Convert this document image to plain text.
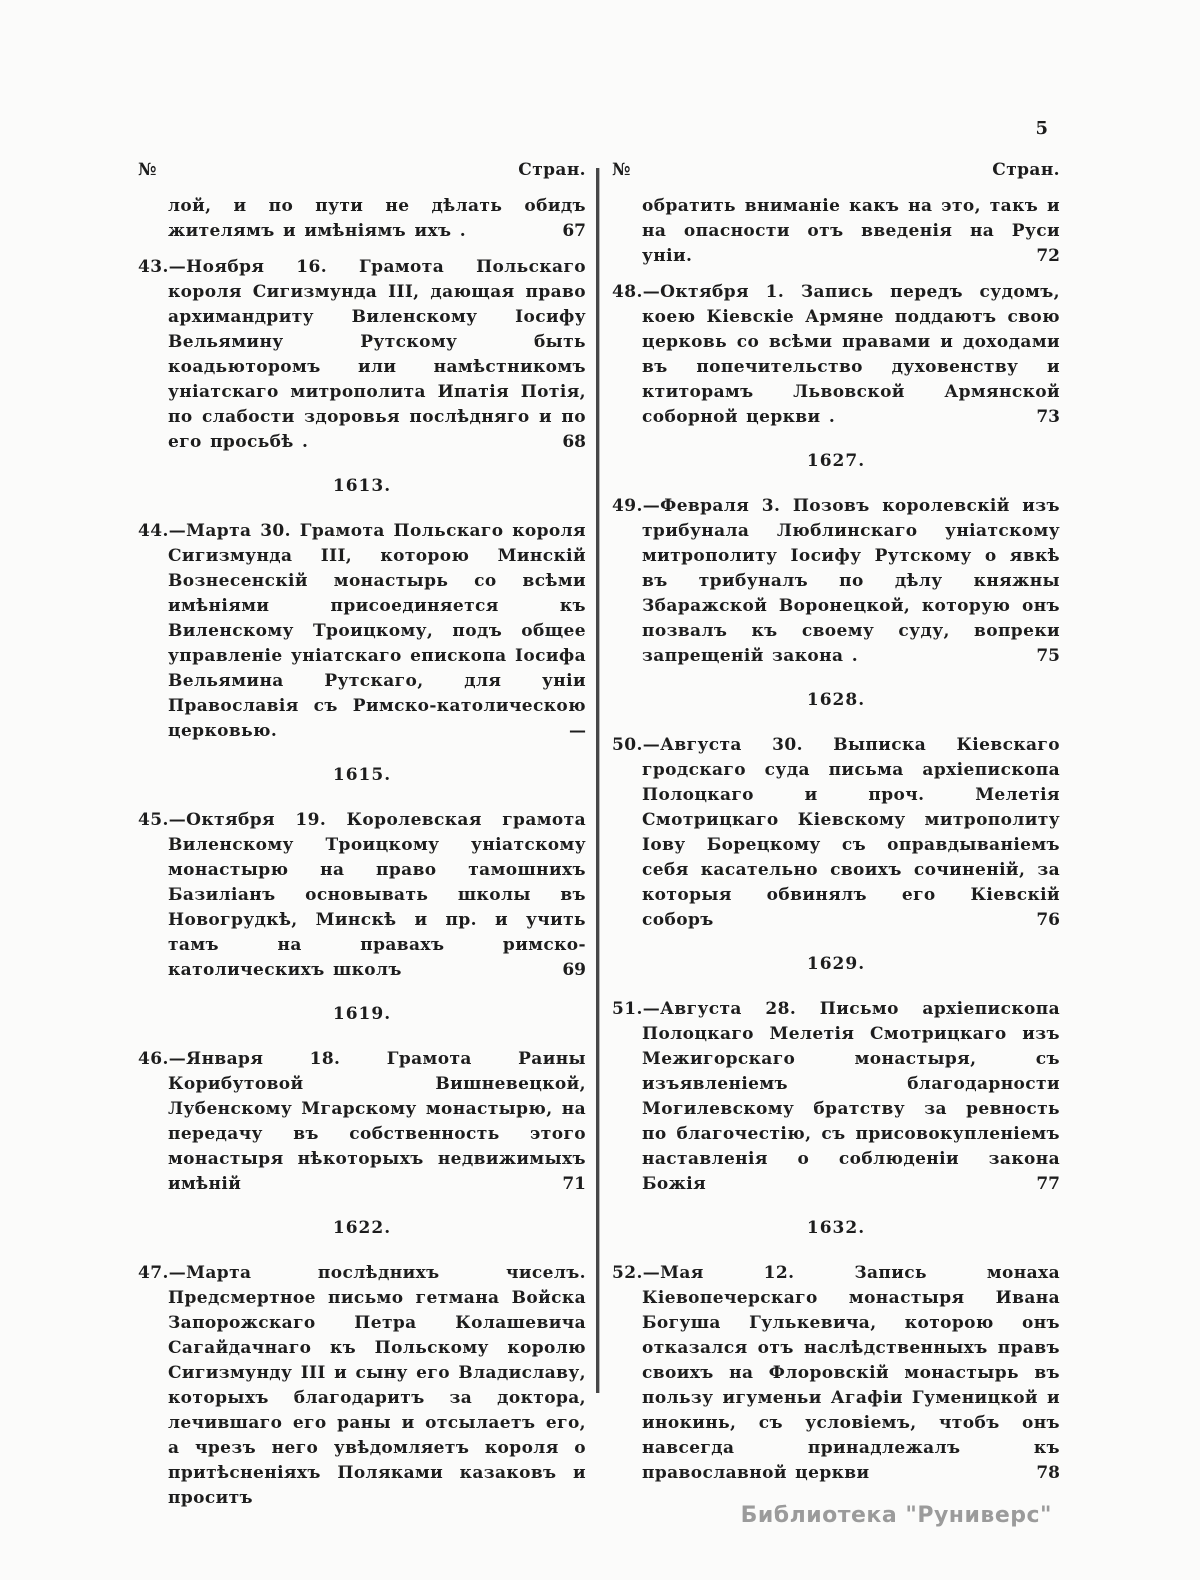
5
№	Стран.
лой, и по пути не дѣлать обидъ жителямъ и имѣніямъ ихъ .	67
43.—Ноября 16. Грамота Польскаго короля Сигизмунда III, дающая право архимандриту Виленскому Іосифу Вельямину Рутскому быть коадьюторомъ или намѣстникомъ уніатскаго митрополита Ипатія Потія, по слабости здоровья послѣдняго и по его просьбѣ .	68
1613.
44.—Марта 30. Грамота Польскаго короля Сигизмунда III, которою Минскій Вознесенскій монастырь со всѣми имѣніями присоединяется къ Виленскому Троицкому, подъ общее управленіе уніатскаго епископа Іосифа Вельямина Рутскаго, для уніи Православія съ Римско-католическою церковью.	—
1615.
45.—Октября 19. Королевская грамота Виленскому Троицкому уніатскому монастырю на право тамошнихъ Базиліанъ основывать школы въ Новогрудкѣ, Минскѣ и пр. и учить тамъ на правахъ римско-католическихъ школъ	69
1619.
46.—Января 18. Грамота Раины Корибутовой Вишневецкой, Лубенскому Мгарскому монастырю, на передачу въ собственность этого монастыря нѣкоторыхъ недвижимыхъ имѣній	71
1622.
47.—Марта послѣднихъ чиселъ. Предсмертное письмо гетмана Войска Запорожскаго Петра Колашевича Сагайдачнаго къ Польскому королю Сигизмунду III и сыну его Владиславу, которыхъ благодаритъ за доктора, лечившаго его раны и отсылаетъ его, а чрезъ него увѣдомляетъ короля о притѣсненіяхъ Поляками казаковъ и проситъ
№	Стран.
обратить вниманіе какъ на это, такъ и на опасности отъ введенія на Руси уніи.	72
48.—Октября 1. Запись передъ судомъ, коею Кіевскіе Армяне поддаютъ свою церковь со всѣми правами и доходами въ попечительство духовенству и ктиторамъ Львовской Армянской соборной церкви .	73
1627.
49.—Февраля 3. Позовъ королевскій изъ трибунала Люблинскаго уніатскому митрополиту Іосифу Рутскому о явкѣ въ трибуналъ по дѣлу княжны Збаражской Воронецкой, которую онъ позвалъ къ своему суду, вопреки запрещеній закона .	75
1628.
50.—Августа 30. Выписка Кіевскаго гродскаго суда письма архіепископа Полоцкаго и проч. Мелетія Смотрицкаго Кіевскому митрополиту Іову Борецкому съ оправдываніемъ себя касательно своихъ сочиненій, за которыя обвинялъ его Кіевскій соборъ	76
1629.
51.—Августа 28. Письмо архіепископа Полоцкаго Мелетія Смотрицкаго изъ Межигорскаго монастыря, съ изъявленіемъ благодарности Могилевскому братству за ревность по благочестію, съ присовокупленіемъ наставленія о соблюденіи закона Божія	77
1632.
52.—Мая 12. Запись монаха Кіевопечерскаго монастыря Ивана Богуша Гулькевича, которою онъ отказался отъ наслѣдственныхъ правъ своихъ на Флоровскій монастырь въ пользу игуменьи Агафіи Гуменицкой и инокинь, съ условіемъ, чтобъ онъ навсегда принадлежалъ къ православной церкви	78
Библиотека "Руниверс"
